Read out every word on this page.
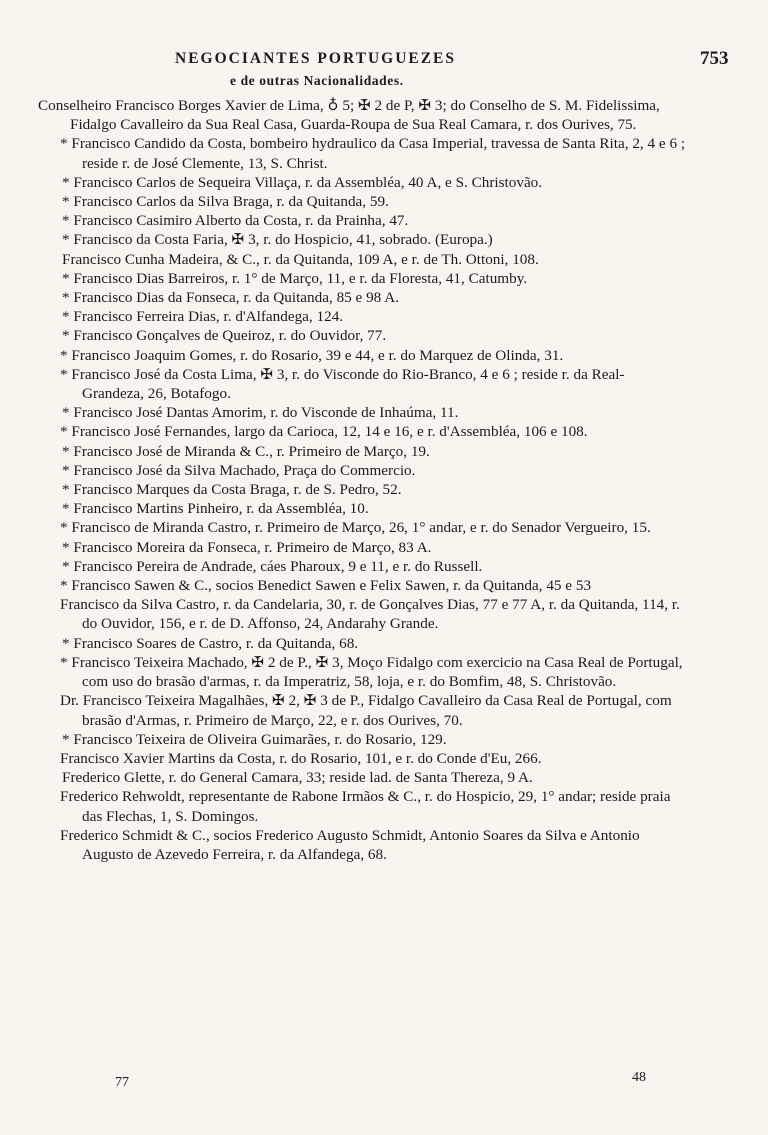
NEGOCIANTES PORTUGUEZES	753
e de outras Nacionalidades.

Conselheiro Francisco Borges Xavier de Lima, ♁ 5; ✠ 2 de P, ✠ 3; do Conselho de S. M. Fidelissima, Fidalgo Cavalleiro da Sua Real Casa, Guarda-Roupa de Sua Real Camara, r. dos Ourives, 75.

* Francisco Candido da Costa, bombeiro hydraulico da Casa Imperial, travessa de Santa Rita, 2, 4 e 6 ; reside r. de José Clemente, 13, S. Christ.

* Francisco Carlos de Sequeira Villaça, r. da Assembléa, 40 A, e S. Christovão.

* Francisco Carlos da Silva Braga, r. da Quitanda, 59.

* Francisco Casimiro Alberto da Costa, r. da Prainha, 47.

* Francisco da Costa Faria, ✠ 3, r. do Hospicio, 41, sobrado. (Europa.)

Francisco Cunha Madeira, & C., r. da Quitanda, 109 A, e r. de Th. Ottoni, 108.

* Francisco Dias Barreiros, r. 1° de Março, 11, e r. da Floresta, 41, Catumby.

* Francisco Dias da Fonseca, r. da Quitanda, 85 e 98 A.

* Francisco Ferreira Dias, r. d'Alfandega, 124.

* Francisco Gonçalves de Queiroz, r. do Ouvidor, 77.

* Francisco Joaquim Gomes, r. do Rosario, 39 e 44, e r. do Marquez de Olinda, 31.

* Francisco José da Costa Lima, ✠ 3, r. do Visconde do Rio-Branco, 4 e 6 ; reside r. da Real-Grandeza, 26, Botafogo.

* Francisco José Dantas Amorim, r. do Visconde de Inhaúma, 11.

* Francisco José Fernandes, largo da Carioca, 12, 14 e 16, e r. d'Assembléa, 106 e 108.

* Francisco José de Miranda & C., r. Primeiro de Março, 19.

* Francisco José da Silva Machado, Praça do Commercio.

* Francisco Marques da Costa Braga, r. de S. Pedro, 52.

* Francisco Martins Pinheiro, r. da Assembléa, 10.

* Francisco de Miranda Castro, r. Primeiro de Março, 26, 1° andar, e r. do Senador Vergueiro, 15.

* Francisco Moreira da Fonseca, r. Primeiro de Março, 83 A.

* Francisco Pereira de Andrade, cáes Pharoux, 9 e 11, e r. do Russell.

* Francisco Sawen & C., socios Benedict Sawen e Felix Sawen, r. da Quitanda, 45 e 53

Francisco da Silva Castro, r. da Candelaria, 30, r. de Gonçalves Dias, 77 e 77 A, r. da Quitanda, 114, r. do Ouvidor, 156, e r. de D. Affonso, 24, Andarahy Grande.

* Francisco Soares de Castro, r. da Quitanda, 68.

* Francisco Teixeira Machado, ✠ 2 de P., ✠ 3, Moço Fidalgo com exercicio na Casa Real de Portugal, com uso do brasão d'armas, r. da Imperatriz, 58, loja, e r. do Bomfim, 48, S. Christovão.

Dr. Francisco Teixeira Magalhães, ✠ 2, ✠ 3 de P., Fidalgo Cavalleiro da Casa Real de Portugal, com brasão d'Armas, r. Primeiro de Março, 22, e r. dos Ourives, 70.

* Francisco Teixeira de Oliveira Guimarães, r. do Rosario, 129.

Francisco Xavier Martins da Costa, r. do Rosario, 101, e r. do Conde d'Eu, 266.

Frederico Glette, r. do General Camara, 33; reside lad. de Santa Thereza, 9 A.

Frederico Rehwoldt, representante de Rabone Irmãos & C., r. do Hospicio, 29, 1° andar; reside praia das Flechas, 1, S. Domingos.

Frederico Schmidt & C., socios Frederico Augusto Schmidt, Antonio Soares da Silva e Antonio Augusto de Azevedo Ferreira, r. da Alfandega, 68.

77	48
